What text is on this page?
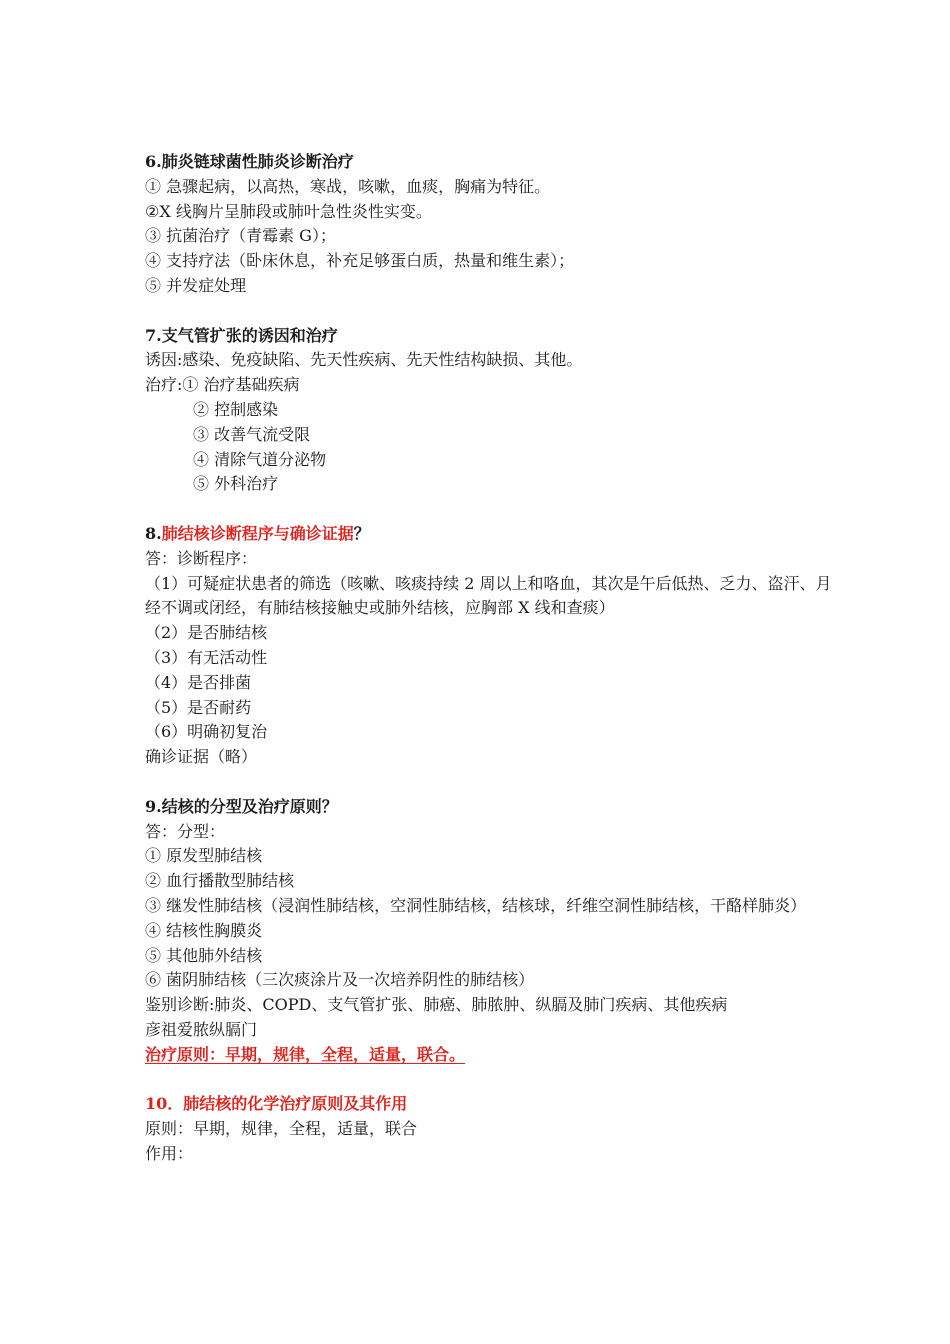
6.肺炎链球菌性肺炎诊断治疗
① 急骤起病，以高热，寒战，咳嗽，血痰，胸痛为特征。
②X 线胸片呈肺段或肺叶急性炎性实变。
③ 抗菌治疗（青霉素 G）；
④ 支持疗法（卧床休息，补充足够蛋白质，热量和维生素）；
⑤ 并发症处理
7.支气管扩张的诱因和治疗
诱因:感染、免疫缺陷、先天性疾病、先天性结构缺损、其他。
治疗:① 治疗基础疾病
② 控制感染
③ 改善气流受限
④ 清除气道分泌物
⑤ 外科治疗
8.肺结核诊断程序与确诊证据？
答：诊断程序：
（1）可疑症状患者的筛选（咳嗽、咳痰持续 2 周以上和咯血，其次是午后低热、乏力、盗汗、月经不调或闭经，有肺结核接触史或肺外结核，应胸部 X 线和查痰）
（2）是否肺结核
（3）有无活动性
（4）是否排菌
（5）是否耐药
（6）明确初复治
确诊证据（略）
9.结核的分型及治疗原则？
答：分型：
① 原发型肺结核
② 血行播散型肺结核
③ 继发性肺结核（浸润性肺结核，空洞性肺结核，结核球，纤维空洞性肺结核，干酪样肺炎）
④ 结核性胸膜炎
⑤ 其他肺外结核
⑥ 菌阴肺结核（三次痰涂片及一次培养阴性的肺结核）
鉴别诊断:肺炎、COPD、支气管扩张、肺癌、肺脓肿、纵膈及肺门疾病、其他疾病
彦祖爱脓纵膈门
治疗原则：早期，规律，全程，适量，联合。
10．肺结核的化学治疗原则及其作用
原则：早期，规律，全程，适量，联合
作用：
